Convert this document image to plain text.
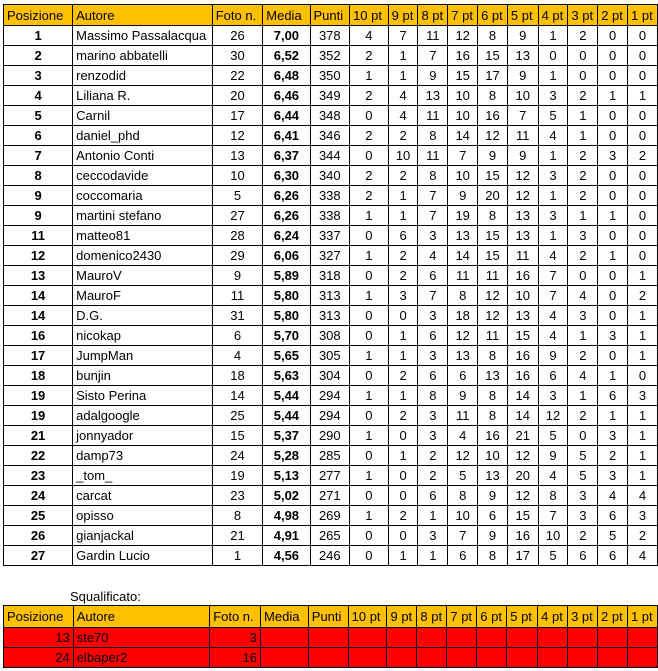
Posizione	Autore	Foto n.	Media	Punti	10 pt	9 pt	8 pt	7 pt	6 pt	5 pt	4 pt	3 pt	2 pt	1 pt
1	Massimo Passalacqua	26	7,00	378	4	7	11	12	8	9	1	2	0	0
2	marino abbatelli	30	6,52	352	2	1	7	16	15	13	0	0	0	0
3	renzodid	22	6,48	350	1	1	9	15	17	9	1	0	0	0
4	Liliana R.	20	6,46	349	2	4	13	10	8	10	3	2	1	1
5	Carnil	17	6,44	348	0	4	11	10	16	7	5	1	0	0
6	daniel_phd	12	6,41	346	2	2	8	14	12	11	4	1	0	0
7	Antonio Conti	13	6,37	344	0	10	11	7	9	9	1	2	3	2
8	ceccodavide	10	6,30	340	2	2	8	10	15	12	3	2	0	0
9	coccomaria	5	6,26	338	2	1	7	9	20	12	1	2	0	0
9	martini stefano	27	6,26	338	1	1	7	19	8	13	3	1	1	0
11	matteo81	28	6,24	337	0	6	3	13	15	13	1	3	0	0
12	domenico2430	29	6,06	327	1	2	4	14	15	11	4	2	1	0
13	MauroV	9	5,89	318	0	2	6	11	11	16	7	0	0	1
14	MauroF	11	5,80	313	1	3	7	8	12	10	7	4	0	2
14	D.G.	31	5,80	313	0	0	3	18	12	13	4	3	0	1
16	nicokap	6	5,70	308	0	1	6	12	11	15	4	1	3	1
17	JumpMan	4	5,65	305	1	1	3	13	8	16	9	2	0	1
18	bunjin	18	5,63	304	0	2	6	6	13	16	6	4	1	0
19	Sisto Perina	14	5,44	294	1	1	8	9	8	14	3	1	6	3
19	adalgoogle	25	5,44	294	0	2	3	11	8	14	12	2	1	1
21	jonnyador	15	5,37	290	1	0	3	4	16	21	5	0	3	1
22	damp73	24	5,28	285	0	1	2	12	10	12	9	5	2	1
23	_tom_	19	5,13	277	1	0	2	5	13	20	4	5	3	1
24	carcat	23	5,02	271	0	0	6	8	9	12	8	3	4	4
25	opisso	8	4,98	269	1	2	1	10	6	15	7	3	6	3
26	gianjackal	21	4,91	265	0	0	3	7	9	16	10	2	5	2
27	Gardin Lucio	1	4,56	246	0	1	1	6	8	17	5	6	6	4
Squalificato:
Posizione	Autore	Foto n.	Media	Punti	10 pt	9 pt	8 pt	7 pt	6 pt	5 pt	4 pt	3 pt	2 pt	1 pt
13	ste70	3												
24	elbaper2	16												
